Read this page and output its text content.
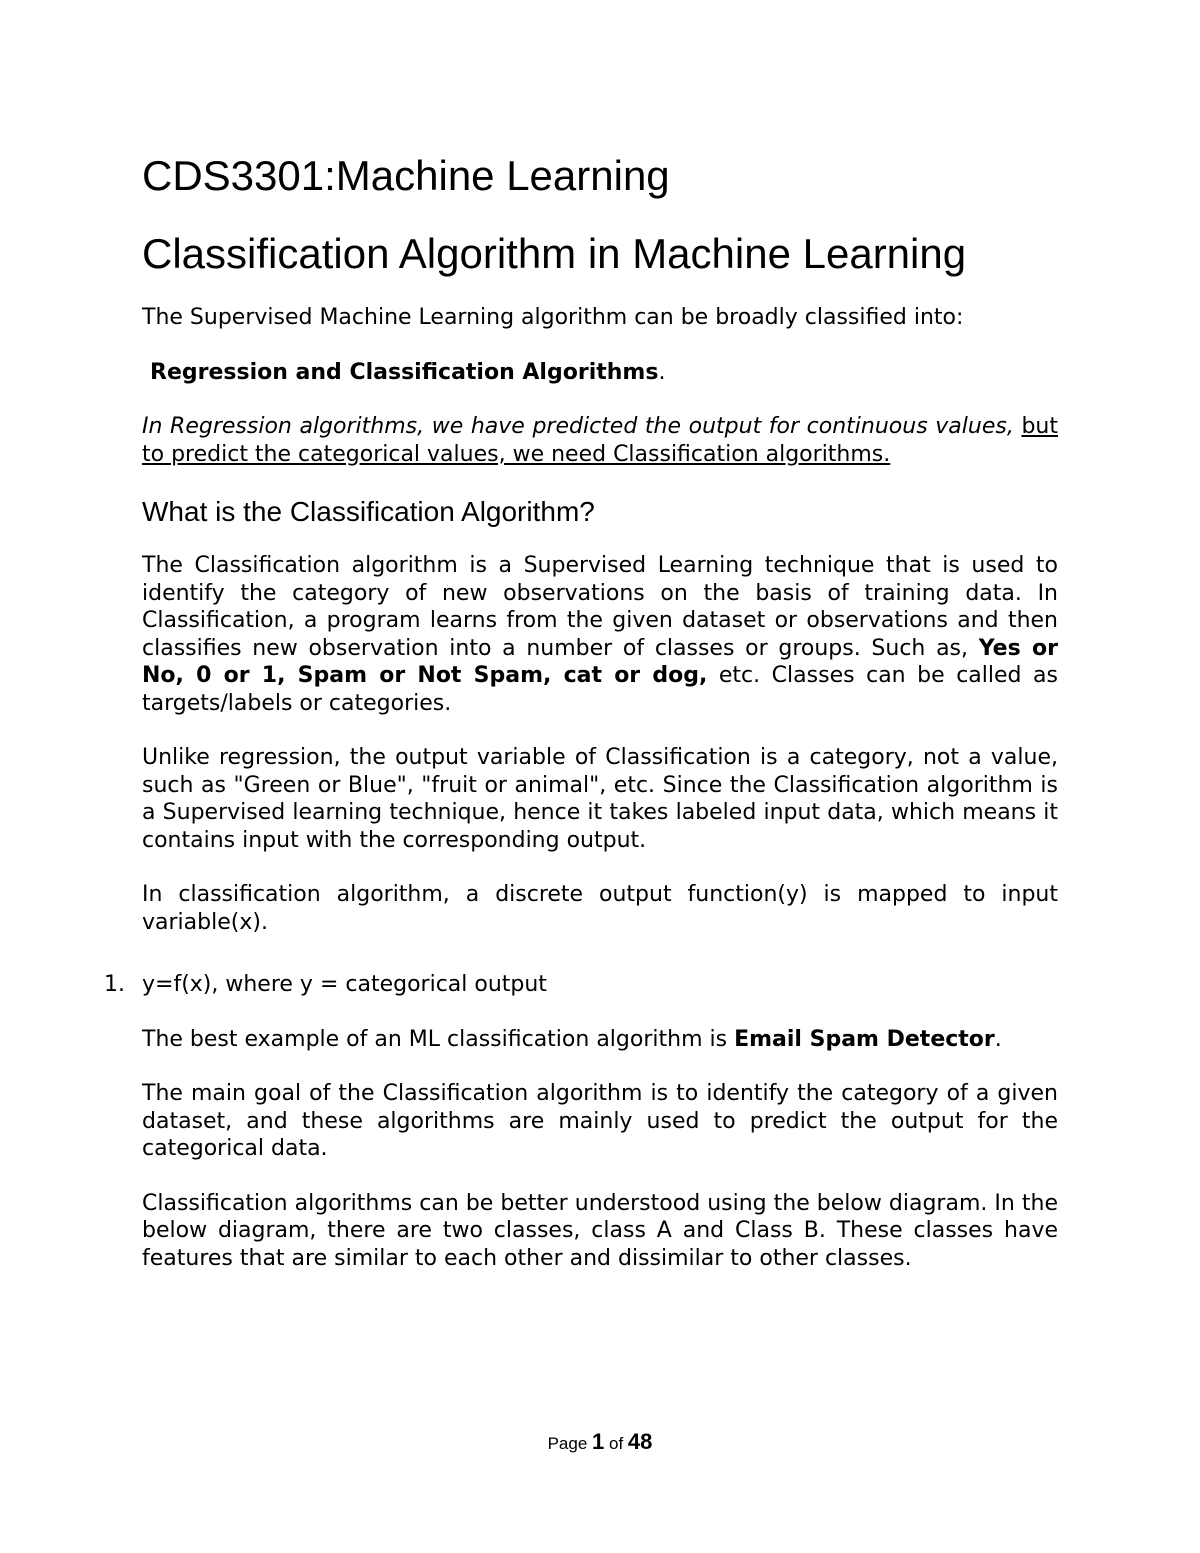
CDS3301:Machine Learning
Classification Algorithm in Machine Learning

The Supervised Machine Learning algorithm can be broadly classified into:

Regression and Classification Algorithms.

In Regression algorithms, we have predicted the output for continuous values, but to predict the categorical values, we need Classification algorithms.

What is the Classification Algorithm?

The Classification algorithm is a Supervised Learning technique that is used to identify the category of new observations on the basis of training data. In Classification, a program learns from the given dataset or observations and then classifies new observation into a number of classes or groups. Such as, Yes or No, 0 or 1, Spam or Not Spam, cat or dog, etc. Classes can be called as targets/labels or categories.

Unlike regression, the output variable of Classification is a category, not a value, such as "Green or Blue", "fruit or animal", etc. Since the Classification algorithm is a Supervised learning technique, hence it takes labeled input data, which means it contains input with the corresponding output.

In classification algorithm, a discrete output function(y) is mapped to input variable(x).

1. y=f(x), where y = categorical output

The best example of an ML classification algorithm is Email Spam Detector.

The main goal of the Classification algorithm is to identify the category of a given dataset, and these algorithms are mainly used to predict the output for the categorical data.

Classification algorithms can be better understood using the below diagram. In the below diagram, there are two classes, class A and Class B. These classes have features that are similar to each other and dissimilar to other classes.

Page 1 of 48
